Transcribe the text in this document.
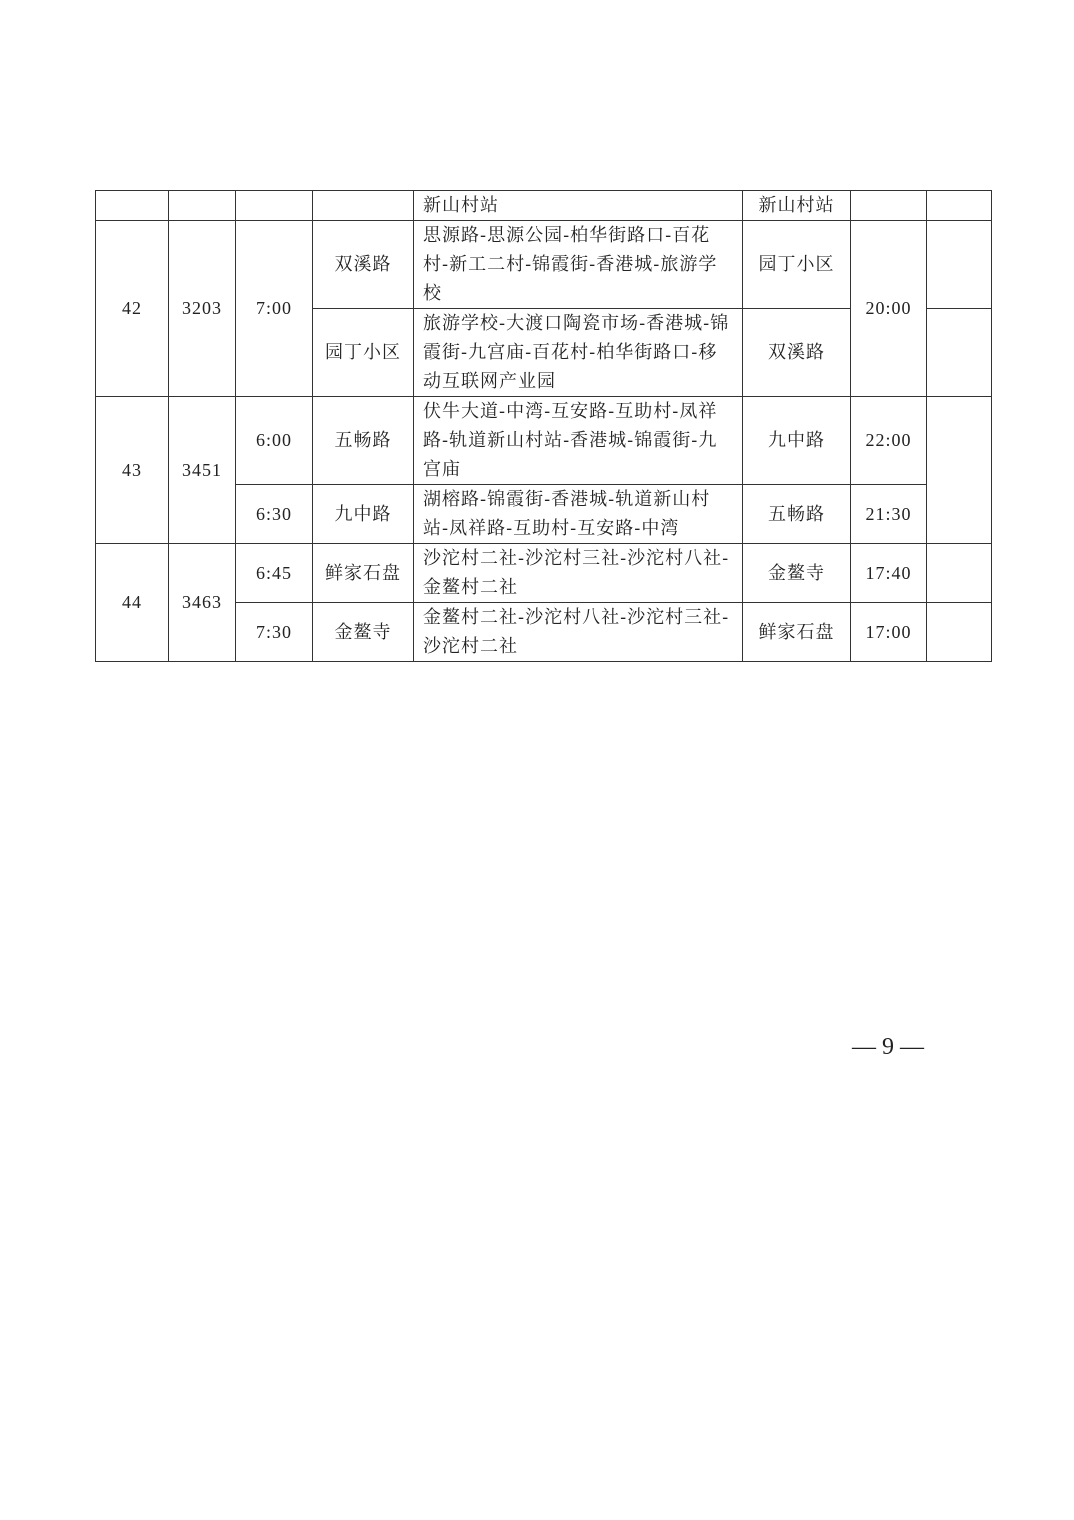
				新山村站	新山村站		
42	3203	7:00	双溪路	思源路-思源公园-柏华街路口-百花村-新工二村-锦霞街-香港城-旅游学校	园丁小区	20:00	
			园丁小区	旅游学校-大渡口陶瓷市场-香港城-锦霞街-九宫庙-百花村-柏华街路口-移动互联网产业园	双溪路		
43	3451	6:00	五畅路	伏牛大道-中湾-互安路-互助村-凤祥路-轨道新山村站-香港城-锦霞街-九宫庙	九中路	22:00	
		6:30	九中路	湖榕路-锦霞街-香港城-轨道新山村站-凤祥路-互助村-互安路-中湾	五畅路	21:30	
44	3463	6:45	鲜家石盘	沙沱村二社-沙沱村三社-沙沱村八社-金鳌村二社	金鳌寺	17:40	
		7:30	金鳌寺	金鳌村二社-沙沱村八社-沙沱村三社-沙沱村二社	鲜家石盘	17:00	
— 9 —
